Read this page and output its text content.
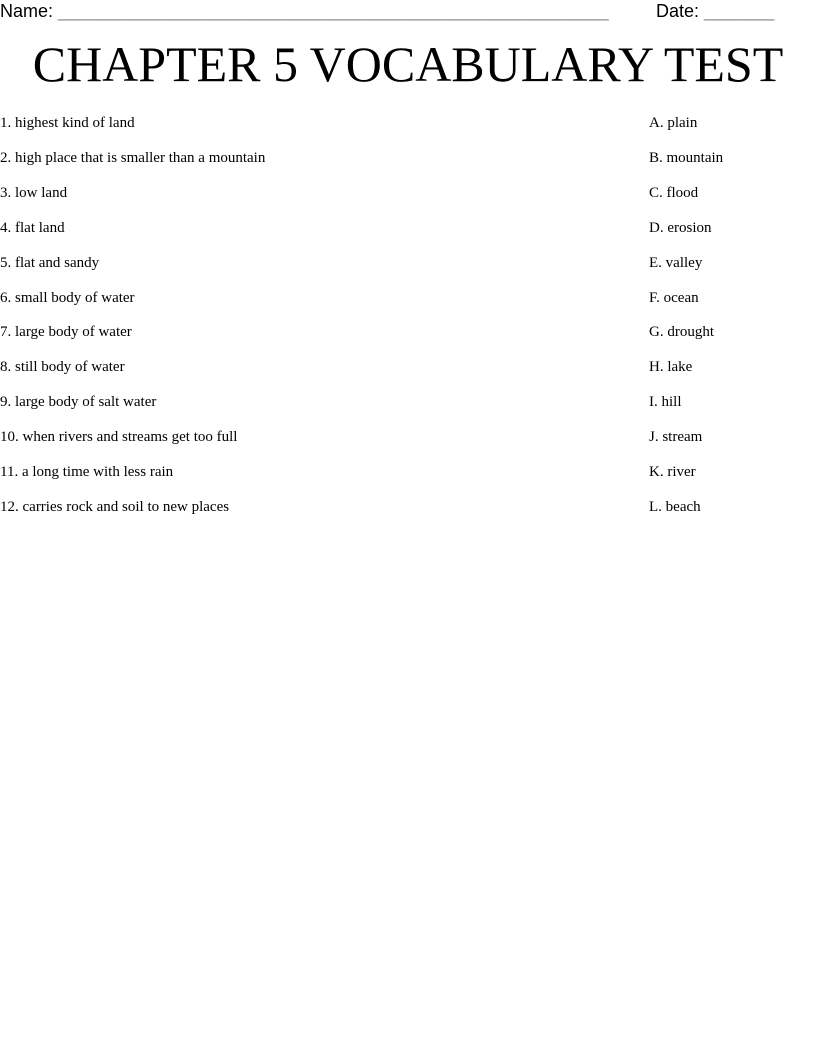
Name: _______________________________________________________	Date: _______
CHAPTER 5 VOCABULARY TEST
1. highest kind of land	A. plain
2. high place that is smaller than a mountain	B. mountain
3. low land	C. flood
4. flat land	D. erosion
5. flat and sandy	E. valley
6. small body of water	F. ocean
7. large body of water	G. drought
8. still body of water	H. lake
9. large body of salt water	I. hill
10. when rivers and streams get too full	J. stream
11. a long time with less rain	K. river
12. carries rock and soil to new places	L. beach
